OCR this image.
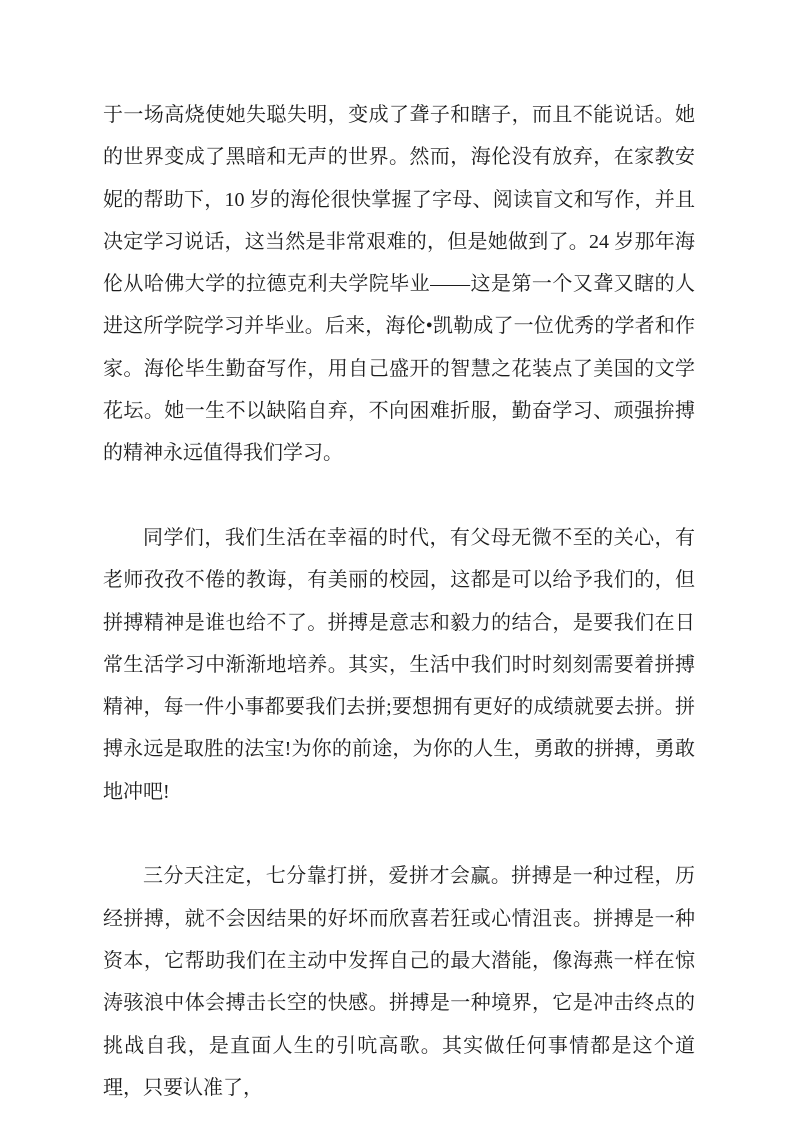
于一场高烧使她失聪失明，变成了聋子和瞎子，而且不能说话。她的世界变成了黑暗和无声的世界。然而，海伦没有放弃，在家教安妮的帮助下，10 岁的海伦很快掌握了字母、阅读盲文和写作，并且决定学习说话，这当然是非常艰难的，但是她做到了。24 岁那年海伦从哈佛大学的拉德克利夫学院毕业——这是第一个又聋又瞎的人进这所学院学习并毕业。后来，海伦•凯勒成了一位优秀的学者和作家。海伦毕生勤奋写作，用自己盛开的智慧之花装点了美国的文学花坛。她一生不以缺陷自弃，不向困难折服，勤奋学习、顽强拚搏的精神永远值得我们学习。

同学们，我们生活在幸福的时代，有父母无微不至的关心，有老师孜孜不倦的教诲，有美丽的校园，这都是可以给予我们的，但拼搏精神是谁也给不了。拼搏是意志和毅力的结合，是要我们在日常生活学习中渐渐地培养。其实，生活中我们时时刻刻需要着拼搏精神，每一件小事都要我们去拼;要想拥有更好的成绩就要去拼。拼搏永远是取胜的法宝!为你的前途，为你的人生，勇敢的拼搏，勇敢地冲吧!

三分天注定，七分靠打拼，爱拼才会赢。拼搏是一种过程，历经拼搏，就不会因结果的好坏而欣喜若狂或心情沮丧。拼搏是一种资本，它帮助我们在主动中发挥自己的最大潜能，像海燕一样在惊涛骇浪中体会搏击长空的快感。拼搏是一种境界，它是冲击终点的挑战自我，是直面人生的引吭高歌。其实做任何事情都是这个道理，只要认准了，
